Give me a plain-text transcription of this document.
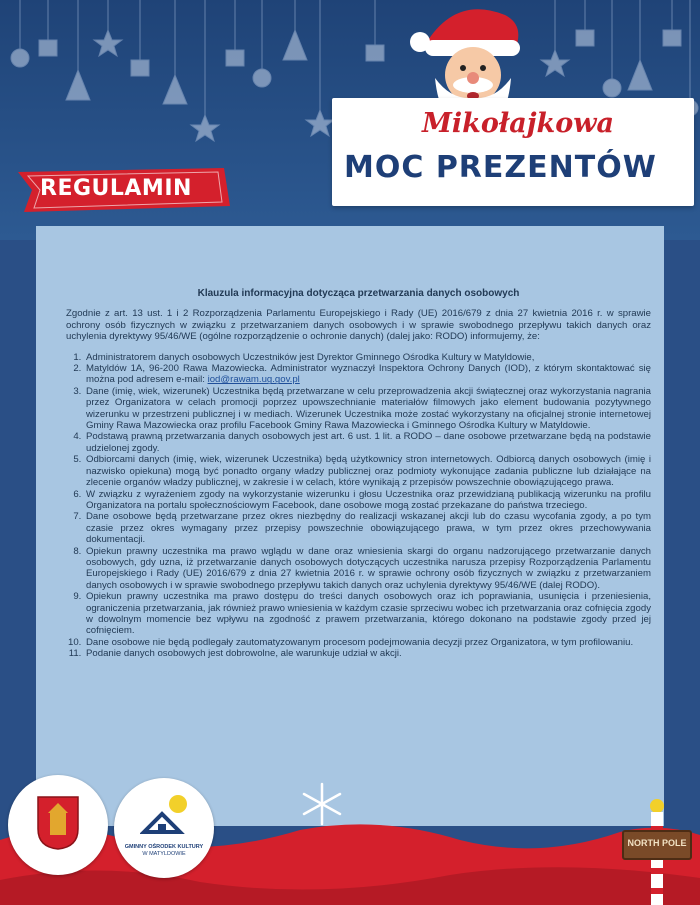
Mikołajkowa
MOC PREZENTÓW
REGULAMIN
Klauzula informacyjna dotycząca przetwarzania danych osobowych

Zgodnie z art. 13 ust. 1 i 2 Rozporządzenia Parlamentu Europejskiego i Rady (UE) 2016/679 z dnia 27 kwietnia 2016 r. w sprawie ochrony osób fizycznych w związku z przetwarzaniem danych osobowych i w sprawie swobodnego przepływu takich danych oraz uchylenia dyrektywy 95/46/WE (ogólne rozporządzenie o ochronie danych) (dalej jako: RODO) informujemy, że:

1. Administratorem danych osobowych Uczestników jest Dyrektor Gminnego Ośrodka Kultury w Matyldowie,
2. Matyldów 1A, 96-200 Rawa Mazowiecka. Administrator wyznaczył Inspektora Ochrony Danych (IOD), z którym skontaktować się można pod adresem e-mail: iod@rawam.ug.gov.pl
3. Dane (imię, wiek, wizerunek) Uczestnika będą przetwarzane w celu przeprowadzenia akcji świątecznej oraz wykorzystania nagrania przez Organizatora w celach promocji poprzez upowszechnianie materiałów filmowych jako element budowania pozytywnego wizerunku w przestrzeni publicznej i w mediach. Wizerunek Uczestnika może zostać wykorzystany na oficjalnej stronie internetowej Gminy Rawa Mazowiecka oraz profilu Facebook Gminy Rawa Mazowiecka i Gminnego Ośrodka Kultury w Matyldowie.
4. Podstawą prawną przetwarzania danych osobowych jest art. 6 ust. 1 lit. a RODO – dane osobowe przetwarzane będą na podstawie udzielonej zgody.
5. Odbiorcami danych (imię, wiek, wizerunek Uczestnika) będą użytkownicy stron internetowych. Odbiorcą danych osobowych (imię i nazwisko opiekuna) mogą być ponadto organy władzy publicznej oraz podmioty wykonujące zadania publiczne lub działające na zlecenie organów władzy publicznej, w zakresie i w celach, które wynikają z przepisów powszechnie obowiązującego prawa.
6. W związku z wyrażeniem zgody na wykorzystanie wizerunku i głosu Uczestnika oraz przewidzianą publikacją wizerunku na profilu Organizatora na portalu społecznościowym Facebook, dane osobowe mogą zostać przekazane do państwa trzeciego.
7. Dane osobowe będą przetwarzane przez okres niezbędny do realizacji wskazanej akcji lub do czasu wycofania zgody, a po tym czasie przez okres wymagany przez przepisy powszechnie obowiązującego prawa, w tym przez okres przechowywania dokumentacji.
8. Opiekun prawny uczestnika ma prawo wglądu w dane oraz wniesienia skargi do organu nadzorującego przetwarzanie danych osobowych, gdy uzna, iż przetwarzanie danych osobowych dotyczących uczestnika narusza przepisy Rozporządzenia Parlamentu Europejskiego i Rady (UE) 2016/679 z dnia 27 kwietnia 2016 r. w sprawie ochrony osób fizycznych w związku z przetwarzaniem danych osobowych i w sprawie swobodnego przepływu takich danych oraz uchylenia dyrektywy 95/46/WE (dalej RODO).
9. Opiekun prawny uczestnika ma prawo dostępu do treści danych osobowych oraz ich poprawiania, usunięcia i przeniesienia, ograniczenia przetwarzania, jak również prawo wniesienia w każdym czasie sprzeciwu wobec ich przetwarzania oraz cofnięcia zgody w dowolnym momencie bez wpływu na zgodność z prawem przetwarzania, którego dokonano na podstawie zgody przed jej cofnięciem.
10. Dane osobowe nie będą podlegały zautomatyzowanym procesom podejmowania decyzji przez Organizatora, w tym profilowaniu.
11. Podanie danych osobowych jest dobrowolne, ale warunkuje udział w akcji.
GMINNY OŚRODEK KULTURY
W MATYLDOWIE
NORTH POLE
